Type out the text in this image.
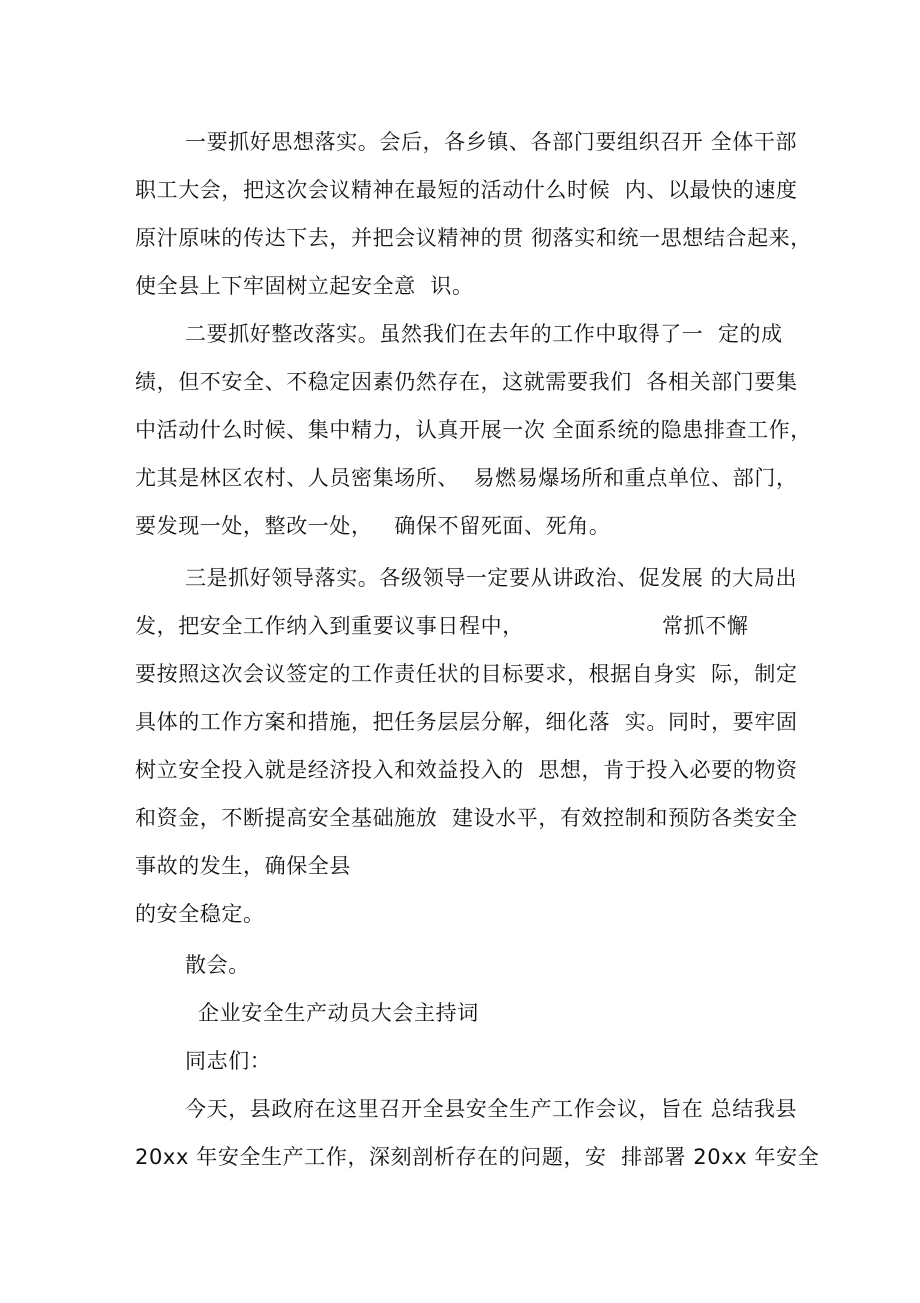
一要抓好思想落实。会后，各乡镇、各部门要组织召开 全体干部
职工大会，把这次会议精神在最短的活动什么时候  内、以最快的速度
原汁原味的传达下去，并把会议精神的贯 彻落实和统一思想结合起来，
使全县上下牢固树立起安全意  识。
二要抓好整改落实。虽然我们在去年的工作中取得了一  定的成
绩，但不安全、不稳定因素仍然存在，这就需要我们  各相关部门要集
中活动什么时候、集中精力，认真开展一次 全面系统的隐患排查工作，
尤其是林区农村、人员密集场所、  易燃易爆场所和重点单位、部门，
要发现一处，整改一处，   确保不留死面、死角。
三是抓好领导落实。各级领导一定要从讲政治、促发展 的大局出
发，把安全工作纳入到重要议事日程中，                   常抓不懈
要按照这次会议签定的工作责任状的目标要求，根据自身实  际，制定
具体的工作方案和措施，把任务层层分解，细化落  实。同时，要牢固
树立安全投入就是经济投入和效益投入的  思想，肯于投入必要的物资
和资金，不断提高安全基础施放  建设水平，有效控制和预防各类安全
事故的发生，确保全县
的安全稳定。
散会。
企业安全生产动员大会主持词
同志们：
今天，县政府在这里召开全县安全生产工作会议，旨在 总结我县
20xx 年安全生产工作，深刻剖析存在的问题，安  排部署 20xx 年安全
